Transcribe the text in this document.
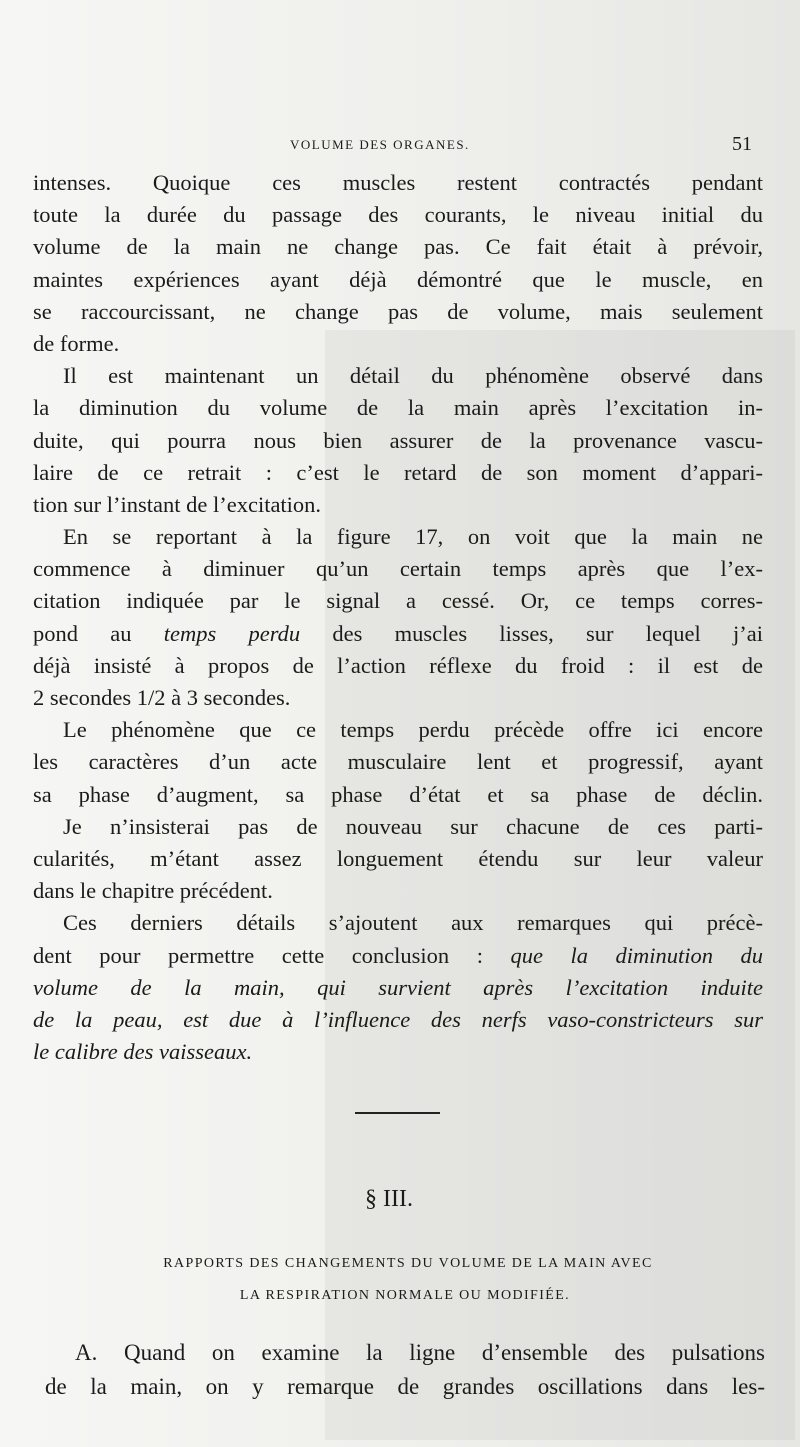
VOLUME DES ORGANES.	51
intenses. Quoique ces muscles restent contractés pendant
toute la durée du passage des courants, le niveau initial du
volume de la main ne change pas. Ce fait était à prévoir,
maintes expériences ayant déjà démontré que le muscle, en
se raccourcissant, ne change pas de volume, mais seulement
de forme.
Il est maintenant un détail du phénomène observé dans
la diminution du volume de la main après l’excitation in-
duite, qui pourra nous bien assurer de la provenance vascu-
laire de ce retrait : c’est le retard de son moment d’appari-
tion sur l’instant de l’excitation.
En se reportant à la figure 17, on voit que la main ne
commence à diminuer qu’un certain temps après que l’ex-
citation indiquée par le signal a cessé. Or, ce temps corres-
pond au temps perdu des muscles lisses, sur lequel j’ai
déjà insisté à propos de l’action réflexe du froid : il est de
2 secondes 1/2 à 3 secondes.
Le phénomène que ce temps perdu précède offre ici encore
les caractères d’un acte musculaire lent et progressif, ayant
sa phase d’augment, sa phase d’état et sa phase de déclin.
Je n’insisterai pas de nouveau sur chacune de ces parti-
cularités, m’étant assez longuement étendu sur leur valeur
dans le chapitre précédent.
Ces derniers détails s’ajoutent aux remarques qui précè-
dent pour permettre cette conclusion : que la diminution du
volume de la main, qui survient après l’excitation induite
de la peau, est due à l’influence des nerfs vaso-constricteurs sur
le calibre des vaisseaux.
§ III.
RAPPORTS DES CHANGEMENTS DU VOLUME DE LA MAIN AVEC
LA RESPIRATION NORMALE OU MODIFIÉE.
A. Quand on examine la ligne d’ensemble des pulsations
de la main, on y remarque de grandes oscillations dans les-
